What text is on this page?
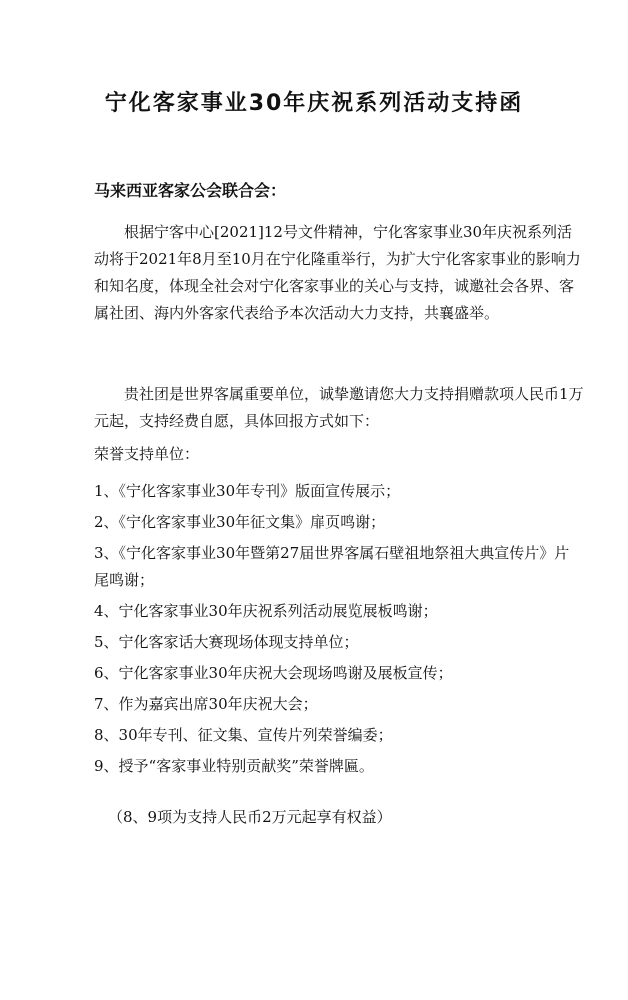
宁化客家事业30年庆祝系列活动支持函
马来西亚客家公会联合会：

根据宁客中心[2021]12号文件精神，宁化客家事业30年庆祝系列活动将于2021年8月至10月在宁化隆重举行，为扩大宁化客家事业的影响力和知名度，体现全社会对宁化客家事业的关心与支持，诚邀社会各界、客属社团、海内外客家代表给予本次活动大力支持，共襄盛举。

贵社团是世界客属重要单位，诚挚邀请您大力支持捐赠款项人民币1万元起，支持经费自愿，具体回报方式如下：

荣誉支持单位：
1、《宁化客家事业30年专刊》版面宣传展示；
2、《宁化客家事业30年征文集》扉页鸣谢；
3、《宁化客家事业30年暨第27届世界客属石壁祖地祭祖大典宣传片》片尾鸣谢；
4、宁化客家事业30年庆祝系列活动展览展板鸣谢；
5、宁化客家话大赛现场体现支持单位；
6、宁化客家事业30年庆祝大会现场鸣谢及展板宣传；
7、作为嘉宾出席30年庆祝大会；
8、30年专刊、征文集、宣传片列荣誉编委；
9、授予“客家事业特别贡献奖”荣誉牌匾。
（8、9项为支持人民币2万元起享有权益）
